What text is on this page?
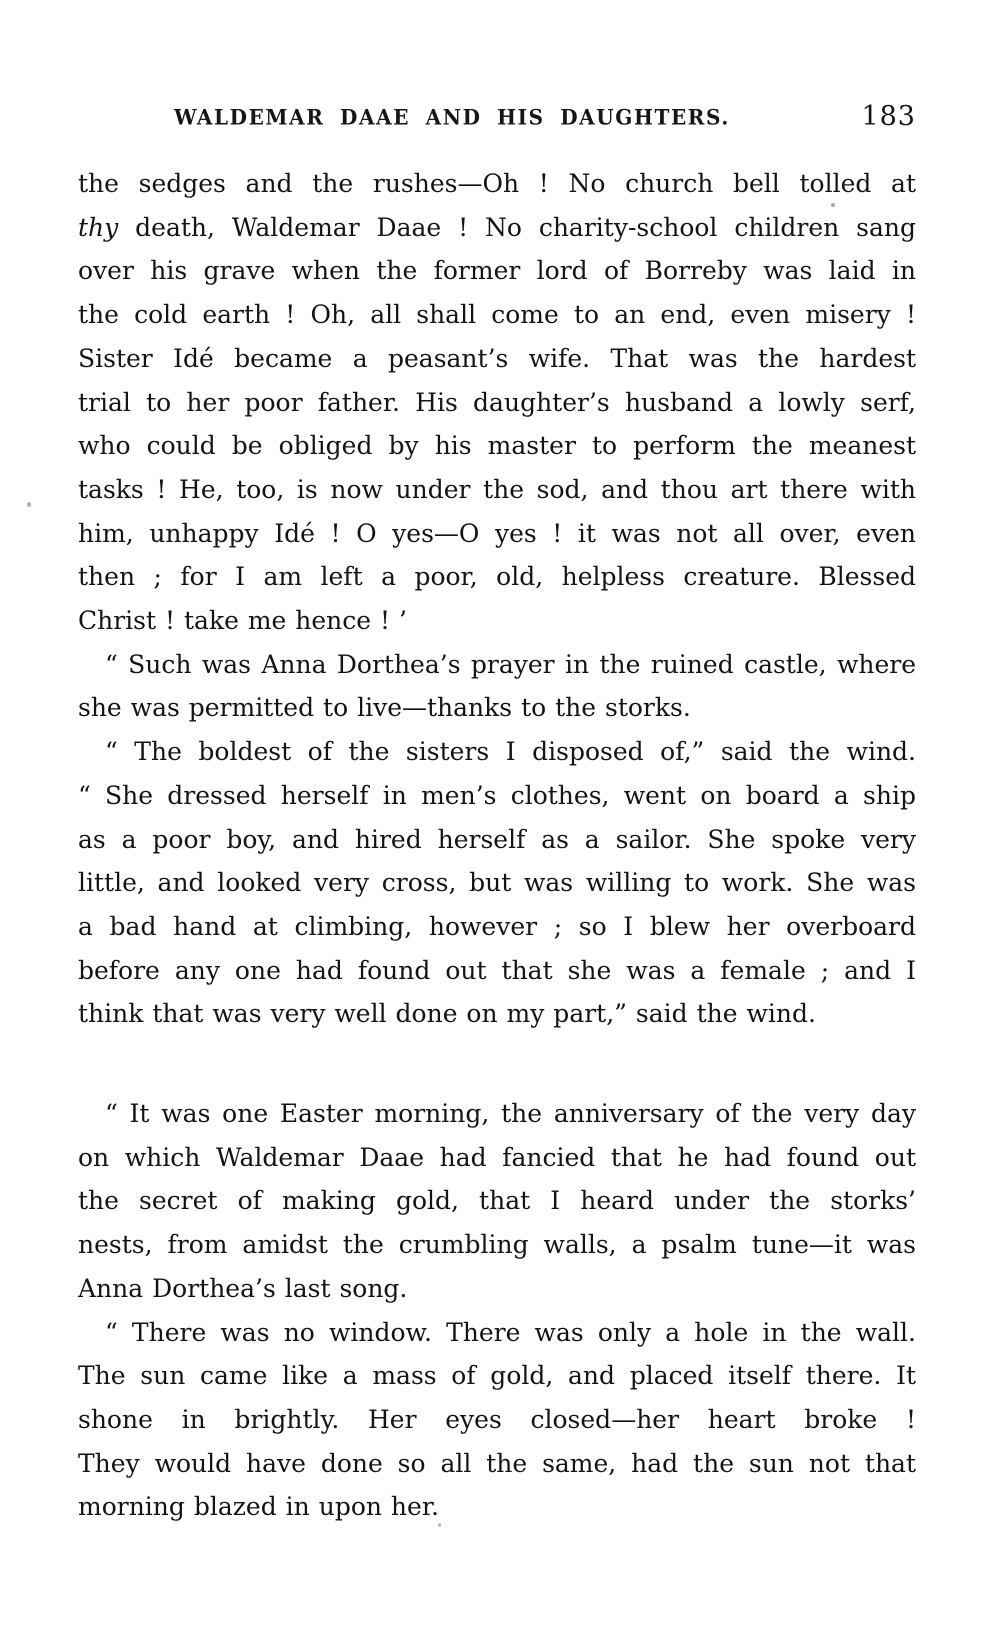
WALDEMAR DAAE AND HIS DAUGHTERS.	183
the sedges and the rushes—Oh ! No church bell tolled at
thy death, Waldemar Daae ! No charity-school children sang
over his grave when the former lord of Borreby was laid in
the cold earth ! Oh, all shall come to an end, even misery !
Sister Idé became a peasant’s wife. That was the hardest
trial to her poor father. His daughter’s husband a lowly serf,
who could be obliged by his master to perform the meanest
tasks ! He, too, is now under the sod, and thou art there with
him, unhappy Idé ! O yes—O yes ! it was not all over, even
then ; for I am left a poor, old, helpless creature. Blessed
Christ ! take me hence ! ’
“ Such was Anna Dorthea’s prayer in the ruined castle, where
she was permitted to live—thanks to the storks.
“ The boldest of the sisters I disposed of,” said the wind.
“ She dressed herself in men’s clothes, went on board a ship
as a poor boy, and hired herself as a sailor. She spoke very
little, and looked very cross, but was willing to work. She was
a bad hand at climbing, however ; so I blew her overboard
before any one had found out that she was a female ; and I
think that was very well done on my part,” said the wind.
“ It was one Easter morning, the anniversary of the very day
on which Waldemar Daae had fancied that he had found out
the secret of making gold, that I heard under the storks’
nests, from amidst the crumbling walls, a psalm tune—it was
Anna Dorthea’s last song.
“ There was no window. There was only a hole in the wall.
The sun came like a mass of gold, and placed itself there. It
shone in brightly. Her eyes closed—her heart broke !
They would have done so all the same, had the sun not that
morning blazed in upon her.
